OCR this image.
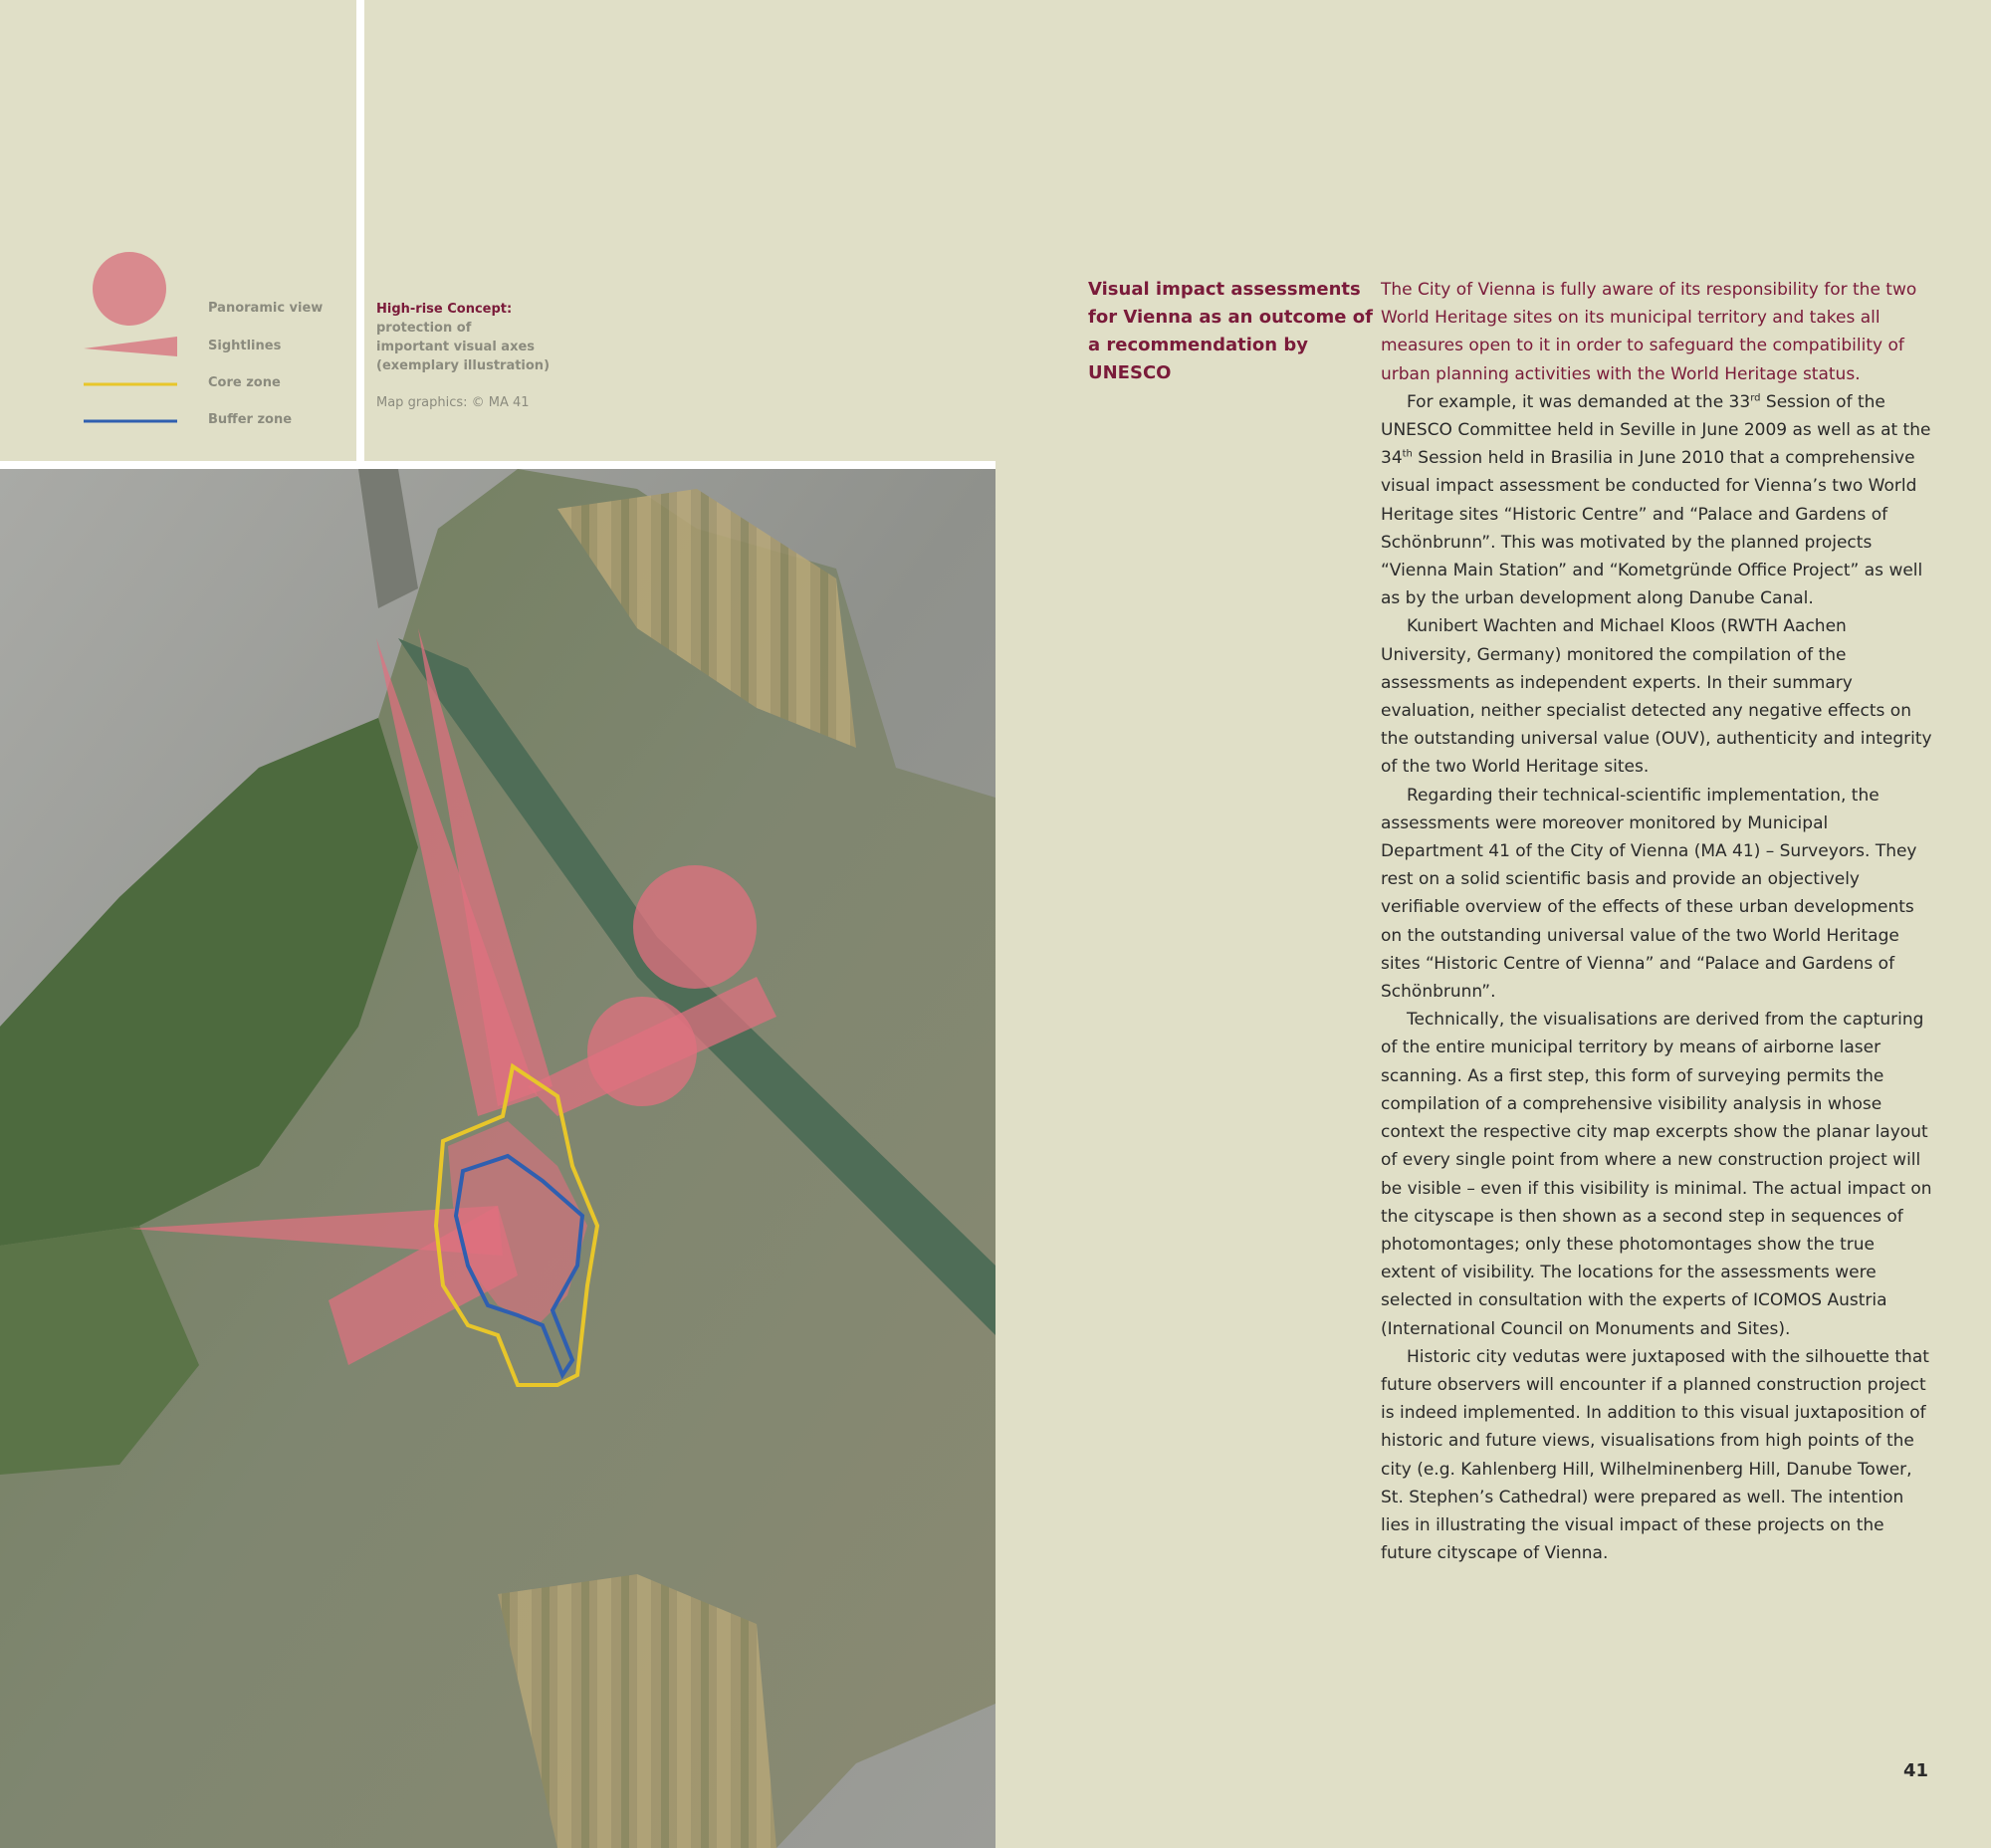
Panoramic view
Sightlines
Core zone
Buffer zone
High-rise Concept:
protection of
important visual axes
(exemplary illustration)
Map graphics: © MA 41
Visual impact assessments for Vienna as an outcome of a recommendation by UNESCO

The City of Vienna is fully aware of its responsibility for the two World Heritage sites on its municipal territory and takes all measures open to it in order to safeguard the compatibility of urban planning activities with the World Heritage status.

For example, it was demanded at the 33rd Session of the UNESCO Committee held in Seville in June 2009 as well as at the 34th Session held in Brasilia in June 2010 that a comprehensive visual impact assessment be conducted for Vienna’s two World Heritage sites “Historic Centre” and “Palace and Gardens of Schönbrunn”. This was motivated by the planned projects “Vienna Main Station” and “Kometgründe Office Project” as well as by the urban development along Danube Canal.

Kunibert Wachten and Michael Kloos (RWTH Aachen University, Germany) monitored the compilation of the assessments as independent experts. In their summary evaluation, neither specialist detected any negative effects on the outstanding universal value (OUV), authenticity and integrity of the two World Heritage sites.

Regarding their technical-scientific implementation, the assessments were moreover monitored by Municipal Department 41 of the City of Vienna (MA 41) – Surveyors. They rest on a solid scientific basis and provide an objectively verifiable overview of the effects of these urban developments on the outstanding universal value of the two World Heritage sites “Historic Centre of Vienna” and “Palace and Gardens of Schönbrunn”.

Technically, the visualisations are derived from the capturing of the entire municipal territory by means of airborne laser scanning. As a first step, this form of surveying permits the compilation of a comprehensive visibility analysis in whose context the respective city map excerpts show the planar layout of every single point from where a new construction project will be visible – even if this visibility is minimal. The actual impact on the cityscape is then shown as a second step in sequences of photomontages; only these photomontages show the true extent of visibility. The locations for the assessments were selected in consultation with the experts of ICOMOS Austria (International Council on Monuments and Sites).

Historic city vedutas were juxtaposed with the silhouette that future observers will encounter if a planned construction project is indeed implemented. In addition to this visual juxtaposition of historic and future views, visualisations from high points of the city (e.g. Kahlenberg Hill, Wilhelminenberg Hill, Danube Tower, St. Stephen’s Cathedral) were prepared as well. The intention lies in illustrating the visual impact of these projects on the future cityscape of Vienna.

41
